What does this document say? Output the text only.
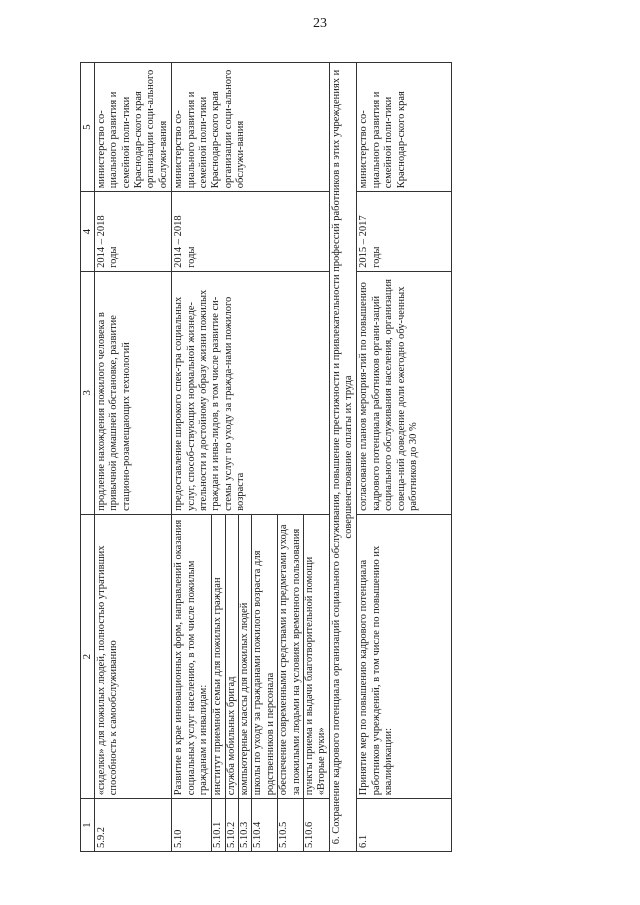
23
1	2	3	4	5
5.9.2	«сиделки» для пожилых людей, полностью утративших способность к самообслуживанию	продление нахождения пожилого человека в привычной домашней обстановке, развитие стационо-розамещающих технологий	2014 – 2018 годы	министерство со-циального развития и семейной поли-тики Краснодар-ского края организации соци-ального обслужи-вания
5.10	Развитие в крае инновационных форм, направлений оказания социальных услуг населению, в том числе пожилым гражданам и инвалидам:	предоставление широкого спек-тра социальных услуг, способ-ствующих нормальной жизнеде-ятельности и достойному образу жизни пожилых граждан и инва-лидов, в том числе развитие си-стемы услуг по уходу за гражда-нами пожилого возраста	2014 – 2018 годы	министерство со-циального развития и семейной поли-тики Краснодар-ского края организации соци-ального обслужи-вания
5.10.1	институт приемной семьи для пожилых граждан			
5.10.2	служба мобильных бригад			
5.10.3	компьютерные классы для пожилых людей			
5.10.4	школы по уходу за гражданами пожилого возраста для родственников и персонала			
5.10.5	обеспечение современными средствами и предметами ухода за пожилыми людьми на условиях временного пользования			
5.10.6	пункты приема и выдачи благотворительной помощи «Вторые руки»			
6. Сохранение кадрового потенциала организаций социального обслуживания, повышение престижности и привлекательности профессий работников в этих учреждениях и совершенствование оплаты их труда				
6.1	Принятие мер по повышению кадрового потенциала работников учреждений, в том числе по повышению их квалификации:	согласование планов мероприя-тий по повышению кадрового потенциала работников органи-заций социального обслуживания населения, организация совеща-ний доведение доли ежегодно обу-ченных работников до 30 %	2015 – 2017 годы	министерство со-циального развития и семейной поли-тики Краснодар-ского края
